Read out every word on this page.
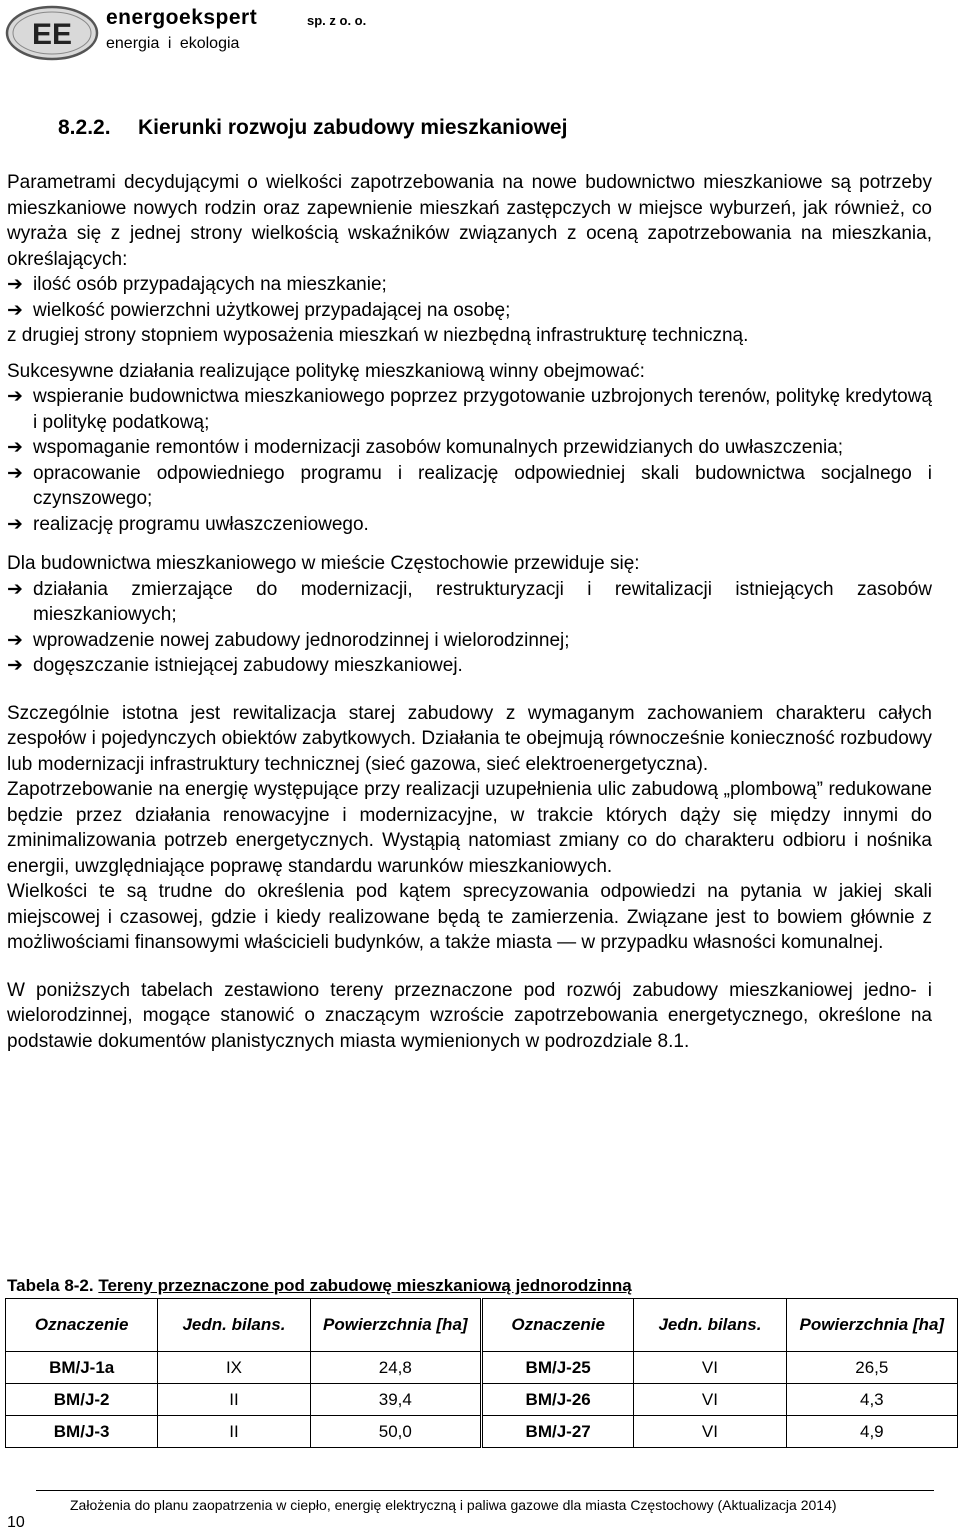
EE
energoekspert	sp. z o. o.
energia i ekologia
8.2.2. Kierunki rozwoju zabudowy mieszkaniowej

Parametrami decydującymi o wielkości zapotrzebowania na nowe budownictwo mieszkaniowe są potrzeby mieszkaniowe nowych rodzin oraz zapewnienie mieszkań zastępczych w miejsce wyburzeń, jak również, co wyraża się z jednej strony wielkością wskaźników związanych z oceną zapotrzebowania na mieszkania, określających:

➔ ilość osób przypadających na mieszkanie;
➔ wielkość powierzchni użytkowej przypadającej na osobę;

z drugiej strony stopniem wyposażenia mieszkań w niezbędną infrastrukturę techniczną.

Sukcesywne działania realizujące politykę mieszkaniową winny obejmować:

➔ wspieranie budownictwa mieszkaniowego poprzez przygotowanie uzbrojonych terenów, politykę kredytową i politykę podatkową;
➔ wspomaganie remontów i modernizacji zasobów komunalnych przewidzianych do uwłaszczenia;
➔ opracowanie odpowiedniego programu i realizację odpowiedniej skali budownictwa socjalnego i czynszowego;
➔ realizację programu uwłaszczeniowego.

Dla budownictwa mieszkaniowego w mieście Częstochowie przewiduje się:

➔ działania zmierzające do modernizacji, restrukturyzacji i rewitalizacji istniejących zasobów mieszkaniowych;
➔ wprowadzenie nowej zabudowy jednorodzinnej i wielorodzinnej;
➔ dogęszczanie istniejącej zabudowy mieszkaniowej.

Szczególnie istotna jest rewitalizacja starej zabudowy z wymaganym zachowaniem charakteru całych zespołów i pojedynczych obiektów zabytkowych. Działania te obejmują równocześnie konieczność rozbudowy lub modernizacji infrastruktury technicznej (sieć gazowa, sieć elektroenergetyczna).

Zapotrzebowanie na energię występujące przy realizacji uzupełnienia ulic zabudową „plombową” redukowane będzie przez działania renowacyjne i modernizacyjne, w trakcie których dąży się między innymi do zminimalizowania potrzeb energetycznych. Wystąpią natomiast zmiany co do charakteru odbioru i nośnika energii, uwzględniające poprawę standardu warunków mieszkaniowych.

Wielkości te są trudne do określenia pod kątem sprecyzowania odpowiedzi na pytania w jakiej skali miejscowej i czasowej, gdzie i kiedy realizowane będą te zamierzenia. Związane jest to bowiem głównie z możliwościami finansowymi właścicieli budynków, a także miasta — w przypadku własności komunalnej.

W poniższych tabelach zestawiono tereny przeznaczone pod rozwój zabudowy mieszkaniowej jedno- i wielorodzinnej, mogące stanowić o znaczącym wzroście zapotrzebowania energetycznego, określone na podstawie dokumentów planistycznych miasta wymienionych w podrozdziale 8.1.

Tabela 8-2. Tereny przeznaczone pod zabudowę mieszkaniową jednorodzinną
Oznaczenie	Jedn. bilans.	Powierzchnia [ha]	Oznaczenie	Jedn. bilans.	Powierzchnia [ha]
BM/J-1a	IX	24,8	BM/J-25	VI	26,5
BM/J-2	II	39,4	BM/J-26	VI	4,3
BM/J-3	II	50,0	BM/J-27	VI	4,9
Założenia do planu zaopatrzenia w ciepło, energię elektryczną i paliwa gazowe dla miasta Częstochowy (Aktualizacja 2014)
10
